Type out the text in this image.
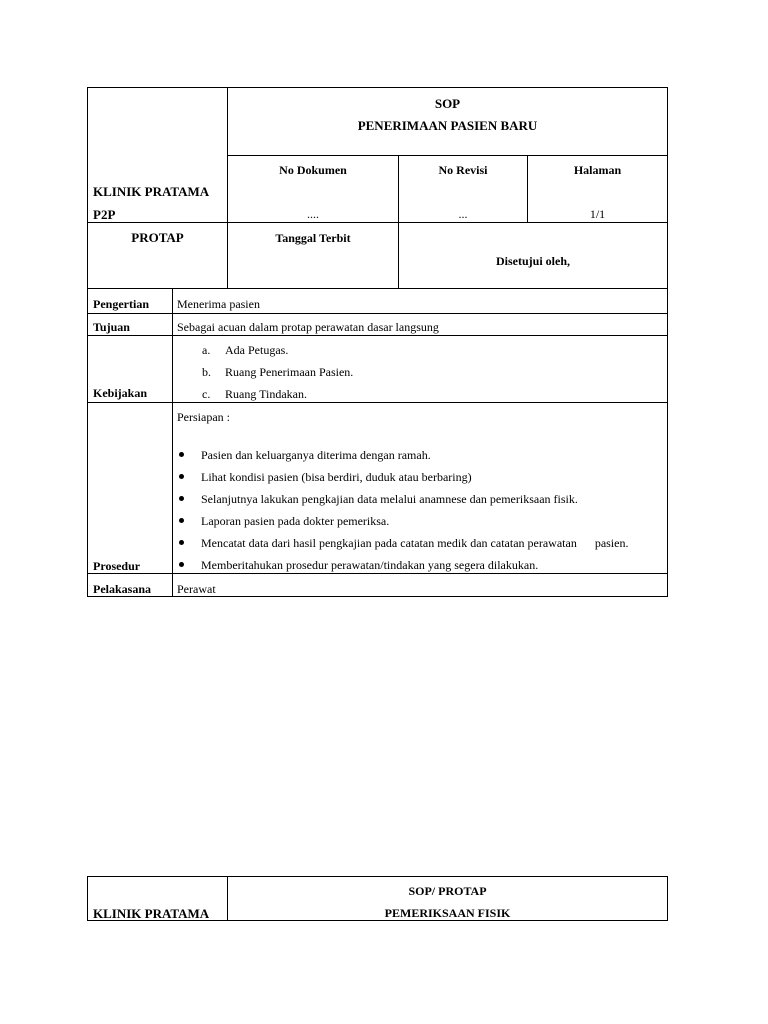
KLINIK PRATAMA
P2P
SOP
PENERIMAAN PASIEN BARU
No Dokumen
....
No Revisi
...
Halaman
1/1
PROTAP	Tanggal Terbit
Disetujui oleh,
Pengertian Menerima pasien
Tujuan	Sebagai acuan dalam protap perawatan dasar langsung
Kebijakan
a. Ada Petugas.
b. Ruang Penerimaan Pasien.
c. Ruang Tindakan.
Prosedur
Persiapan :
Pasien dan keluarganya diterima dengan ramah.
Lihat kondisi pasien (bisa berdiri, duduk atau berbaring)
Selanjutnya lakukan pengkajian data melalui anamnese dan pemeriksaan fisik.
Laporan pasien pada dokter pemeriksa.
Mencatat data dari hasil pengkajian pada catatan medik dan catatan perawatan      pasien.
Memberitahukan prosedur perawatan/tindakan yang segera dilakukan.
Pelakasana Perawat
KLINIK PRATAMA
SOP/ PROTAP
PEMERIKSAAN FISIK
